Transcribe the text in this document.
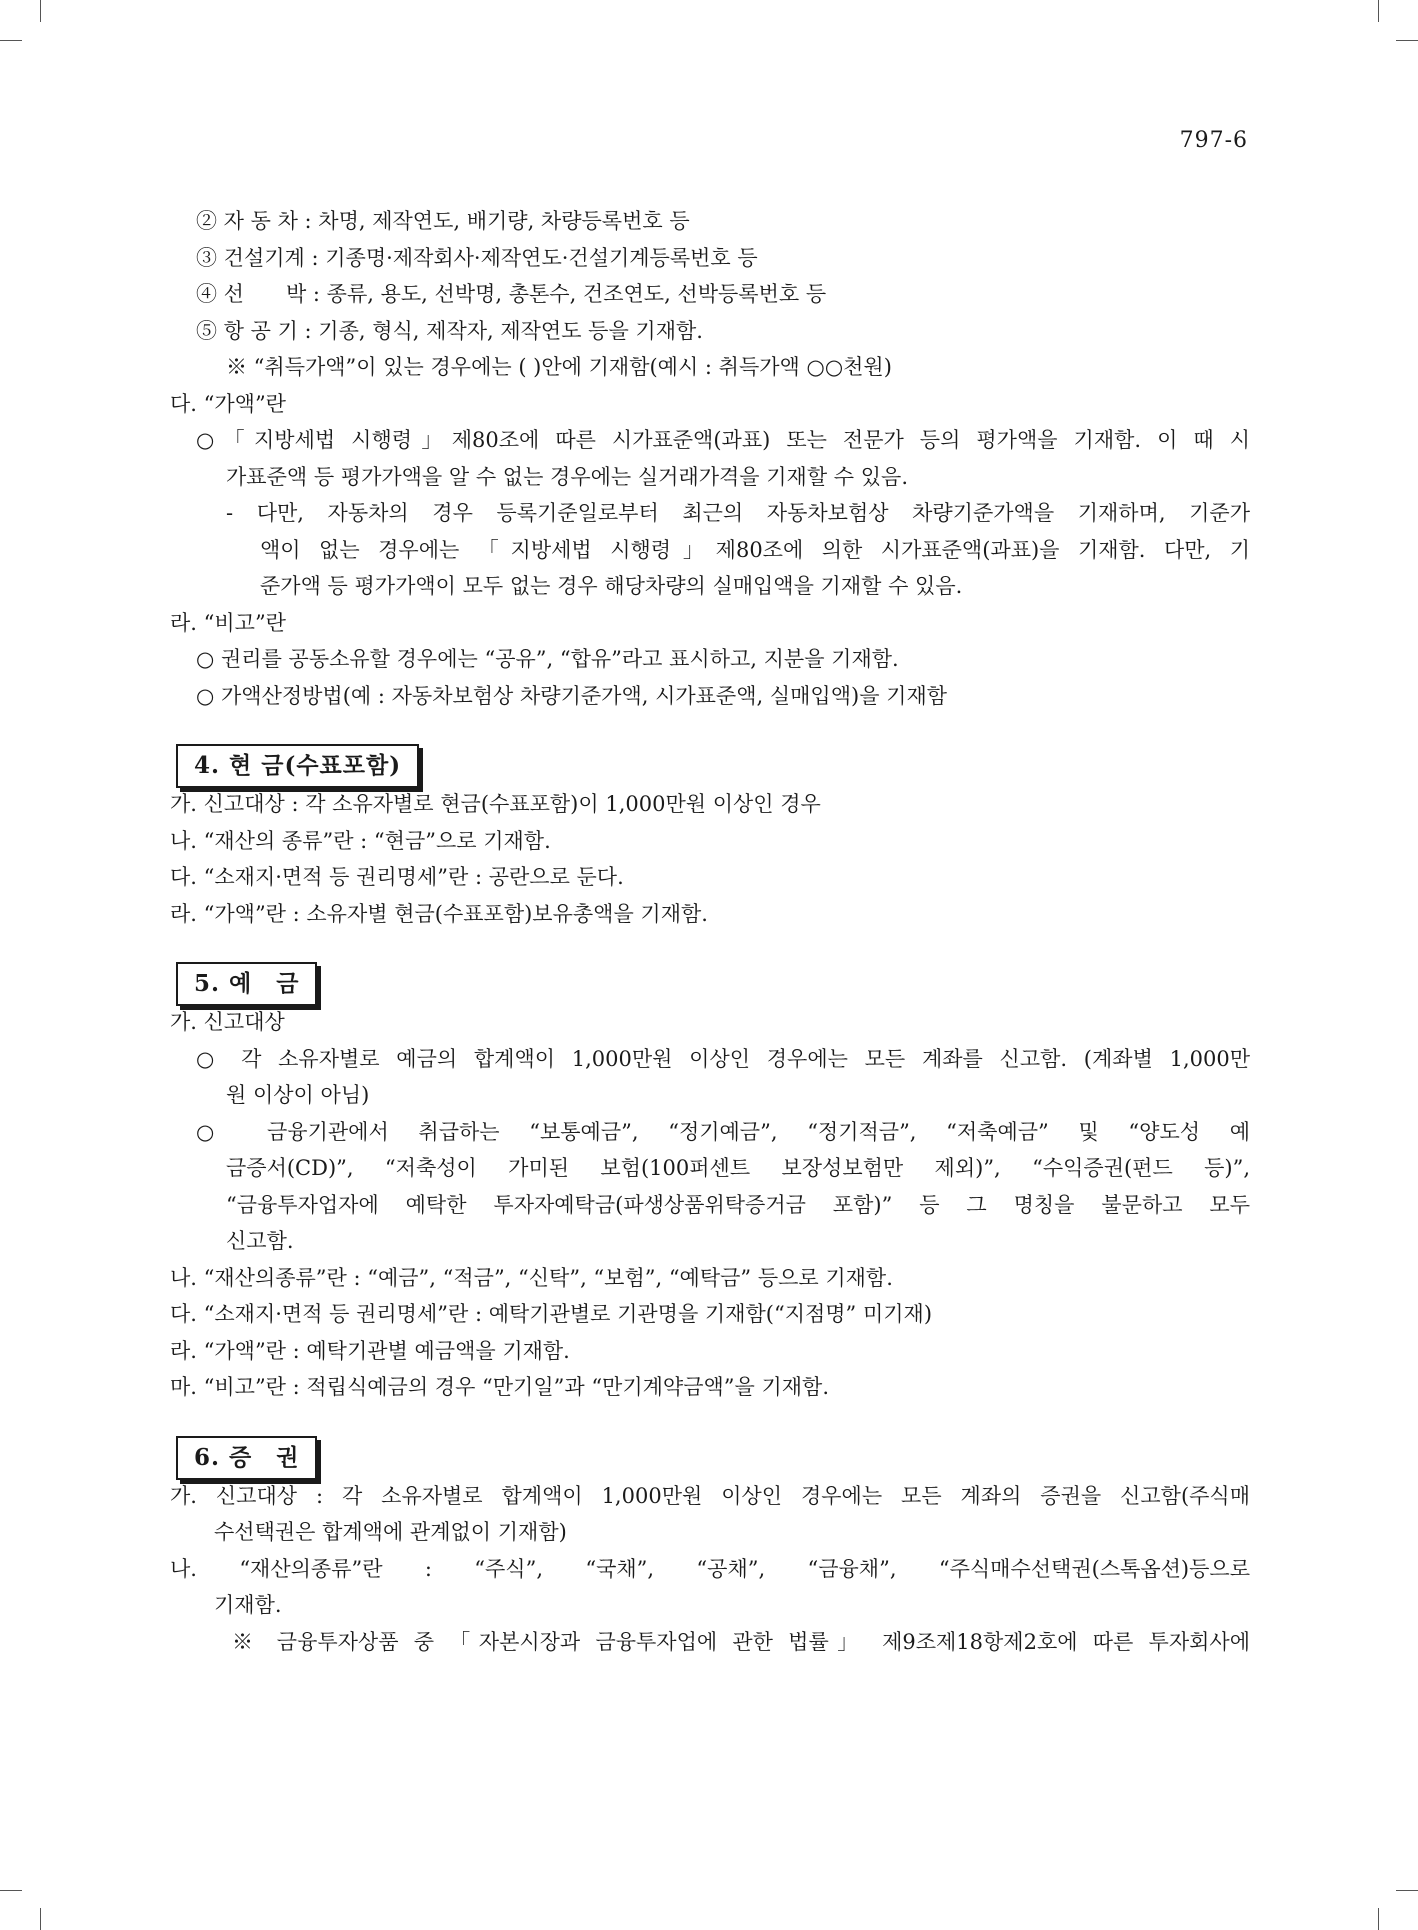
797-6
② 자 동 차 : 차명, 제작연도, 배기량, 차량등록번호 등
③ 건설기계 : 기종명·제작회사·제작연도·건설기계등록번호 등
④ 선　　박 : 종류, 용도, 선박명, 총톤수, 건조연도, 선박등록번호 등
⑤ 항 공 기 : 기종, 형식, 제작자, 제작연도 등을 기재함.
※ “취득가액”이 있는 경우에는 ( )안에 기재함(예시 : 취득가액 ○○천원)
다. “가액”란
○「지방세법 시행령」제80조에 따른 시가표준액(과표) 또는 전문가 등의 평가액을 기재함. 이 때 시
가표준액 등 평가가액을 알 수 없는 경우에는 실거래가격을 기재할 수 있음.
- 다만, 자동차의 경우 등록기준일로부터 최근의 자동차보험상 차량기준가액을 기재하며, 기준가
액이 없는 경우에는 「지방세법 시행령」제80조에 의한 시가표준액(과표)을 기재함. 다만, 기
준가액 등 평가가액이 모두 없는 경우 해당차량의 실매입액을 기재할 수 있음.
라. “비고”란
○ 권리를 공동소유할 경우에는 “공유”, “합유”라고 표시하고, 지분을 기재함.
○ 가액산정방법(예 : 자동차보험상 차량기준가액, 시가표준액, 실매입액)을 기재함
4. 현 금(수표포함)
가. 신고대상 : 각 소유자별로 현금(수표포함)이 1,000만원 이상인 경우
나. “재산의 종류”란 : “현금”으로 기재함.
다. “소재지·면적 등 권리명세”란 : 공란으로 둔다.
라. “가액”란 : 소유자별 현금(수표포함)보유총액을 기재함.
5. 예　금
가. 신고대상
○ 각 소유자별로 예금의 합계액이 1,000만원 이상인 경우에는 모든 계좌를 신고함. (계좌별 1,000만
원 이상이 아님)
○ 금융기관에서 취급하는 “보통예금”, “정기예금”, “정기적금”, “저축예금” 및 “양도성 예
금증서(CD)”, “저축성이 가미된 보험(100퍼센트 보장성보험만 제외)”, “수익증권(펀드 등)”,
“금융투자업자에 예탁한 투자자예탁금(파생상품위탁증거금 포함)” 등 그 명칭을 불문하고 모두
신고함.
나. “재산의종류”란 : “예금”, “적금”, “신탁”, “보험”, “예탁금” 등으로 기재함.
다. “소재지·면적 등 권리명세”란 : 예탁기관별로 기관명을 기재함(“지점명” 미기재)
라. “가액”란 : 예탁기관별 예금액을 기재함.
마. “비고”란 : 적립식예금의 경우 “만기일”과 “만기계약금액”을 기재함.
6. 증　권
가. 신고대상 : 각 소유자별로 합계액이 1,000만원 이상인 경우에는 모든 계좌의 증권을 신고함(주식매
수선택권은 합계액에 관계없이 기재함)
나. “재산의종류”란 : “주식”, “국채”, “공채”, “금융채”, “주식매수선택권(스톡옵션)등으로
기재함.
※ 금융투자상품 중 「자본시장과 금융투자업에 관한 법률」 제9조제18항제2호에 따른 투자회사에
